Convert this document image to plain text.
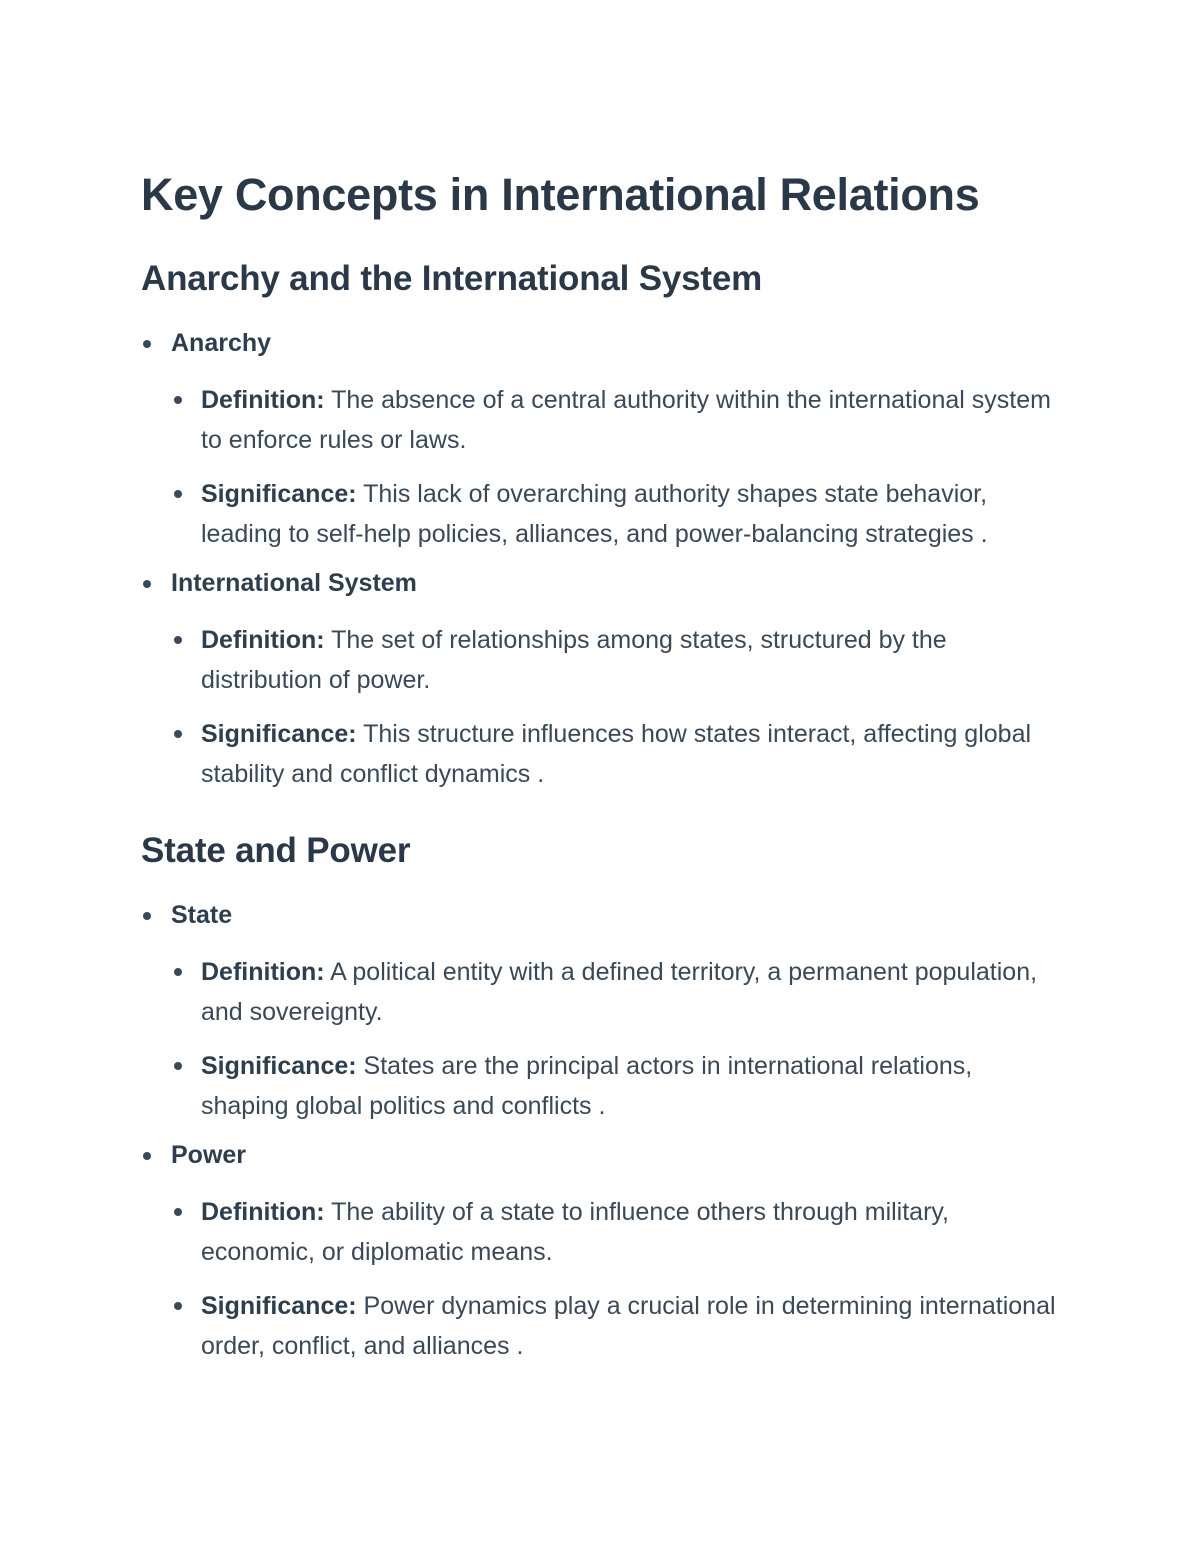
Key Concepts in International Relations
Anarchy and the International System
Anarchy
Definition: The absence of a central authority within the international system to enforce rules or laws.
Significance: This lack of overarching authority shapes state behavior, leading to self-help policies, alliances, and power-balancing strategies .
International System
Definition: The set of relationships among states, structured by the distribution of power.
Significance: This structure influences how states interact, affecting global stability and conflict dynamics .
State and Power
State
Definition: A political entity with a defined territory, a permanent population, and sovereignty.
Significance: States are the principal actors in international relations, shaping global politics and conflicts .
Power
Definition: The ability of a state to influence others through military, economic, or diplomatic means.
Significance: Power dynamics play a crucial role in determining international order, conflict, and alliances .
